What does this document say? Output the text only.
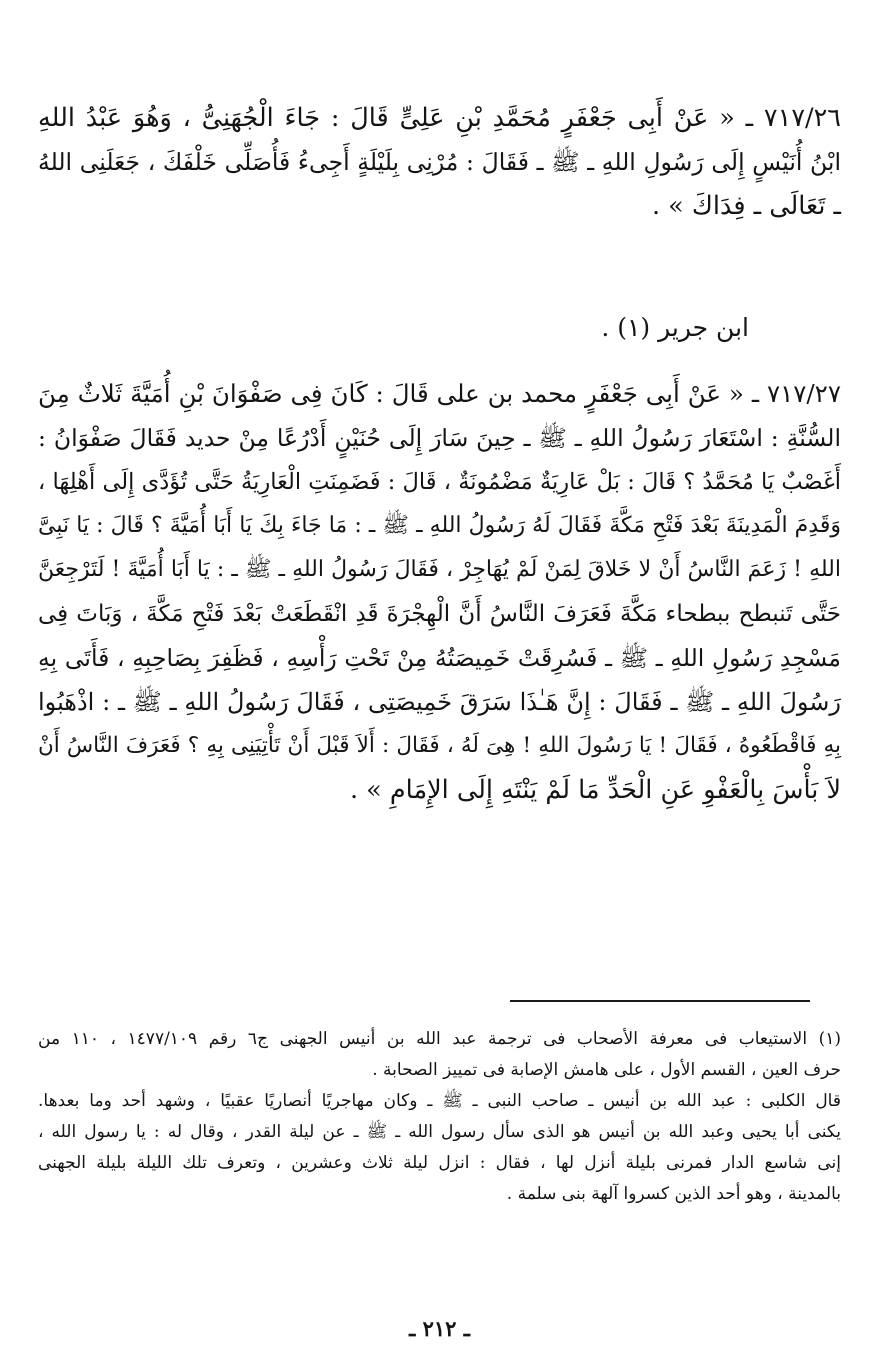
٧١٧/٢٦ ـ « عَنْ أَبِى جَعْفَرٍ مُحَمَّدِ بْنِ عَلِىٍّ قَالَ : جَاءَ الْجُهَنِىُّ ، وَهُوَ عَبْدُ اللهِ
ابْنُ أُنَيْسٍ إِلَى رَسُولِ اللهِ ـ ﷺ ـ فَقَالَ : مُرْنِى بِلَيْلَةٍ أَجِىءُ فَأُصَلِّى خَلْفَكَ ، جَعَلَنِى اللهُ
ـ تَعَالَى ـ فِدَاكَ » .
ابن جرير (١) .
٧١٧/٢٧ ـ « عَنْ أَبِى جَعْفَرٍ محمد بن على قَالَ : كَانَ فِى صَفْوَانَ بْنِ أُمَيَّةَ ثَلاثٌ مِنَ
السُّنَّةِ : اسْتَعَارَ رَسُولُ اللهِ ـ ﷺ ـ حِينَ سَارَ إِلَى حُنَيْنٍ أَدْرُعًا مِنْ حديد فَقَالَ صَفْوَانُ :
أَغَصْبٌ يَا مُحَمَّدُ ؟ قَالَ : بَلْ عَارِيَةٌ مَضْمُونَةٌ ، قَالَ : فَضَمِنَتِ الْعَارِيَةُ حَتَّى تُؤَدَّى إِلَى أَهْلِهَا ،
وَقَدِمَ الْمَدِينَةَ بَعْدَ فَتْحِ مَكَّةَ فَقَالَ لَهُ رَسُولُ اللهِ ـ ﷺ ـ : مَا جَاءَ بِكَ يَا أَبَا أُمَيَّةَ ؟ قَالَ : يَا نَبِىَّ
اللهِ ! زَعَمَ النَّاسُ أَنْ لا خَلاقَ لِمَنْ لَمْ يُهَاجِرْ ، فَقَالَ رَسُولُ اللهِ ـ ﷺ ـ : يَا أَبَا أُمَيَّةَ ! لَتَرْجِعَنَّ
حَتَّى تَنبطح ببطحاء مَكَّةَ فَعَرَفَ النَّاسُ أَنَّ الْهِجْرَةَ قَدِ انْقَطَعَتْ بَعْدَ فَتْحِ مَكَّةَ ، وَبَاتَ فِى
مَسْجِدِ رَسُولِ اللهِ ـ ﷺ ـ فَسُرِقَتْ خَمِيصَتُهُ مِنْ تَحْتِ رَأْسِهِ ، فَظَفِرَ بِصَاحِبِهِ ، فَأَتَى بِهِ
رَسُولَ اللهِ ـ ﷺ ـ فَقَالَ : إِنَّ هَـٰذَا سَرَقَ خَمِيصَتِى ، فَقَالَ رَسُولُ اللهِ ـ ﷺ ـ : اذْهَبُوا
بِهِ فَاقْطَعُوهُ ، فَقَالَ ! يَا رَسُولَ اللهِ ! هِىَ لَهُ ، فَقَالَ : أَلاَ قَبْلَ أَنْ تَأْتِيَنِى بِهِ ؟ فَعَرَفَ النَّاسُ أَنْ
لاَ بَأْسَ بِالْعَفْوِ عَنِ الْحَدِّ مَا لَمْ يَنْتَهِ إِلَى الإِمَامِ » .
(١) الاستيعاب فى معرفة الأصحاب فى ترجمة عبد الله بن أنيس الجهنى ج٦ رقم ١٤٧٧/١٠٩ ، ١١٠ من
حرف العين ، القسم الأول ، على هامش الإصابة فى تمييز الصحابة .
قال الكلبى : عبد الله بن أنيس ـ صاحب النبى ـ ﷺ ـ وكان مهاجريًا أنصاريًا عقبيًا ، وشهد أحد وما بعدها.
يكنى أبا يحيى وعبد الله بن أنيس هو الذى سأل رسول الله ـ ﷺ ـ عن ليلة القدر ، وقال له : يا رسول الله ،
إنى شاسع الدار فمرنى بليلة أنزل لها ، فقال : انزل ليلة ثلاث وعشرين ، وتعرف تلك الليلة بليلة الجهنى
بالمدينة ، وهو أحد الذين كسروا آلهة بنى سلمة .
ـ ٢١٢ ـ
